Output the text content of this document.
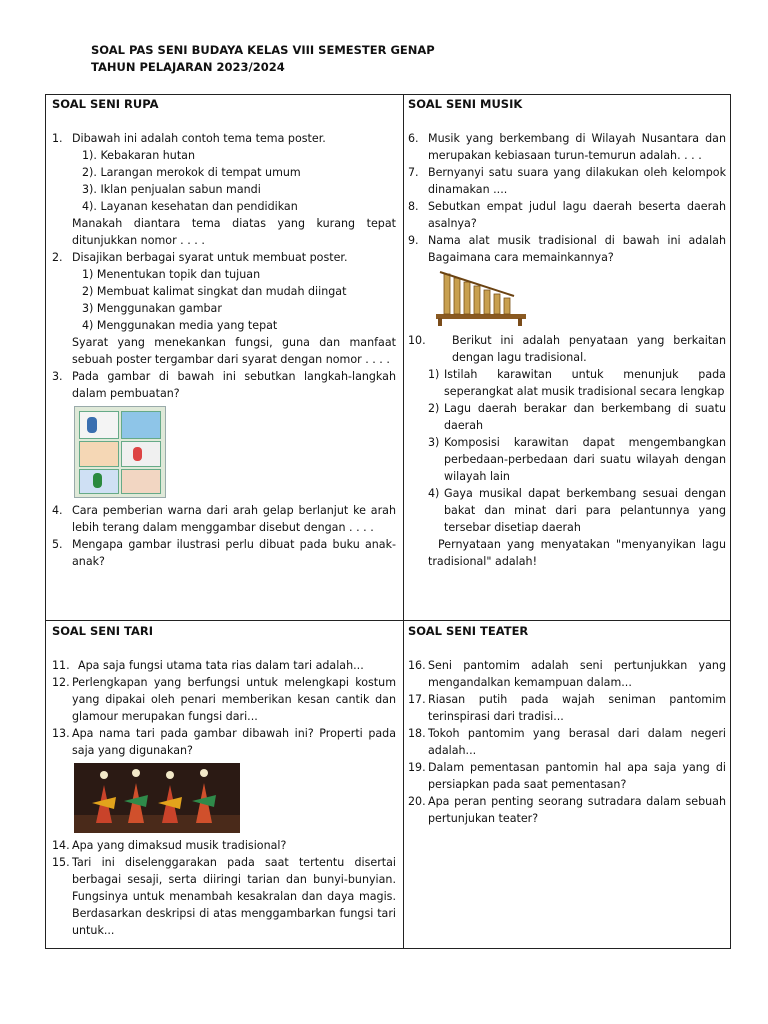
SOAL PAS SENI BUDAYA KELAS VIII SEMESTER GENAP
TAHUN PELAJARAN 2023/2024
SOAL SENI RUPA
1. Dibawah ini adalah contoh tema tema poster.
1). Kebakaran hutan
2). Larangan merokok di tempat umum
3). Iklan penjualan sabun mandi
4). Layanan kesehatan dan pendidikan
Manakah diantara tema diatas yang kurang tepat ditunjukkan nomor . . . .
2. Disajikan berbagai syarat untuk membuat poster.
1) Menentukan topik dan tujuan
2) Membuat kalimat singkat dan mudah diingat
3) Menggunakan gambar
4) Menggunakan media yang tepat
Syarat yang menekankan fungsi, guna dan manfaat sebuah poster tergambar dari syarat dengan nomor . . . .
3. Pada gambar di bawah ini sebutkan langkah-langkah dalam pembuatan?
4. Cara pemberian warna dari arah gelap berlanjut ke arah lebih terang dalam menggambar disebut dengan . . . .
5. Mengapa gambar ilustrasi perlu dibuat pada buku anak-anak?
SOAL SENI MUSIK
6. Musik yang berkembang di Wilayah Nusantara dan merupakan kebiasaan turun-temurun adalah. . . .
7. Bernyanyi satu suara yang dilakukan oleh kelompok dinamakan ....
8. Sebutkan empat judul lagu daerah beserta daerah asalnya?
9. Nama alat musik tradisional di bawah ini adalah Bagaimana cara memainkannya?
10.	Berikut ini adalah penyataan yang berkaitan dengan lagu tradisional.
1) Istilah karawitan untuk menunjuk pada seperangkat alat musik tradisional secara lengkap
2) Lagu daerah berakar dan berkembang di suatu daerah
3) Komposisi karawitan dapat mengembangkan perbedaan-perbedaan dari suatu wilayah dengan wilayah lain
4) Gaya musikal dapat berkembang sesuai dengan bakat dan minat dari para pelantunnya yang tersebar disetiap daerah
Pernyataan yang menyatakan "menyanyikan lagu tradisional" adalah!
SOAL SENI TARI
11. Apa saja fungsi utama tata rias dalam tari adalah...
12. Perlengkapan yang berfungsi untuk melengkapi kostum yang dipakai oleh penari memberikan kesan cantik dan glamour merupakan fungsi dari...
13. Apa nama tari pada gambar dibawah ini? Properti pada saja yang digunakan?
14. Apa yang dimaksud musik tradisional?
15. Tari ini diselenggarakan pada saat tertentu disertai berbagai sesaji, serta diiringi tarian dan bunyi-bunyian. Fungsinya untuk menambah kesakralan dan daya magis. Berdasarkan deskripsi di atas menggambarkan fungsi tari untuk...
SOAL SENI TEATER
16. Seni pantomim adalah seni pertunjukkan yang mengandalkan kemampuan dalam...
17. Riasan putih pada wajah seniman pantomim terinspirasi dari tradisi...
18. Tokoh pantomim yang berasal dari dalam negeri adalah...
19. Dalam pementasan pantomin hal apa saja yang di persiapkan pada saat pementasan?
20. Apa peran penting seorang sutradara dalam sebuah pertunjukan teater?
